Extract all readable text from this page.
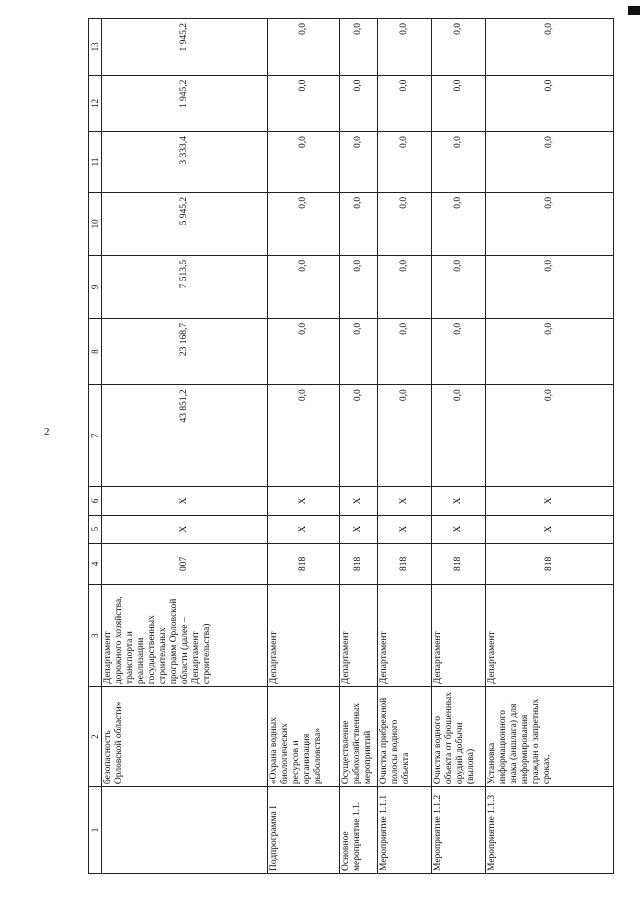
2
1	2	3	4	5	6	7	8	9	10	11	12	13
	безопасность Орловской области»	Департамент дорожного хозяйства, транспорта и реализации государственных строительных программ Орловской области (далее – Департамент строительства)	007	Х	Х	43 851,2	23 168,7	7 513,5	5 945,2	3 333,4	1 945,2	1 945,2
Подпрограмма I	«Охрана водных биологических ресурсов и организация рыболовства»	Департамент	818	Х	Х	0,0	0,0	0,0	0,0	0,0	0,0	0,0
Основное мероприятие 1.1.	Осуществление рыбохозяйственных мероприятий	Департамент	818	Х	Х	0,0	0,0	0,0	0,0	0,0	0,0	0,0
Мероприятие 1.1.1	Очистка прибрежной полосы водного объекта	Департамент	818	Х	Х	0,0	0,0	0,0	0,0	0,0	0,0	0,0
Мероприятие 1.1.2	Очистка водного объекта от брошенных орудий добычи (вылова)	Департамент	818	Х	Х	0,0	0,0	0,0	0,0	0,0	0,0	0,0
Мероприятие 1.1.3	Установка информационного знака (аншлага) для информирования граждан о запретных сроках,	Департамент	818	Х	Х	0,0	0,0	0,0	0,0	0,0	0,0	0,0
